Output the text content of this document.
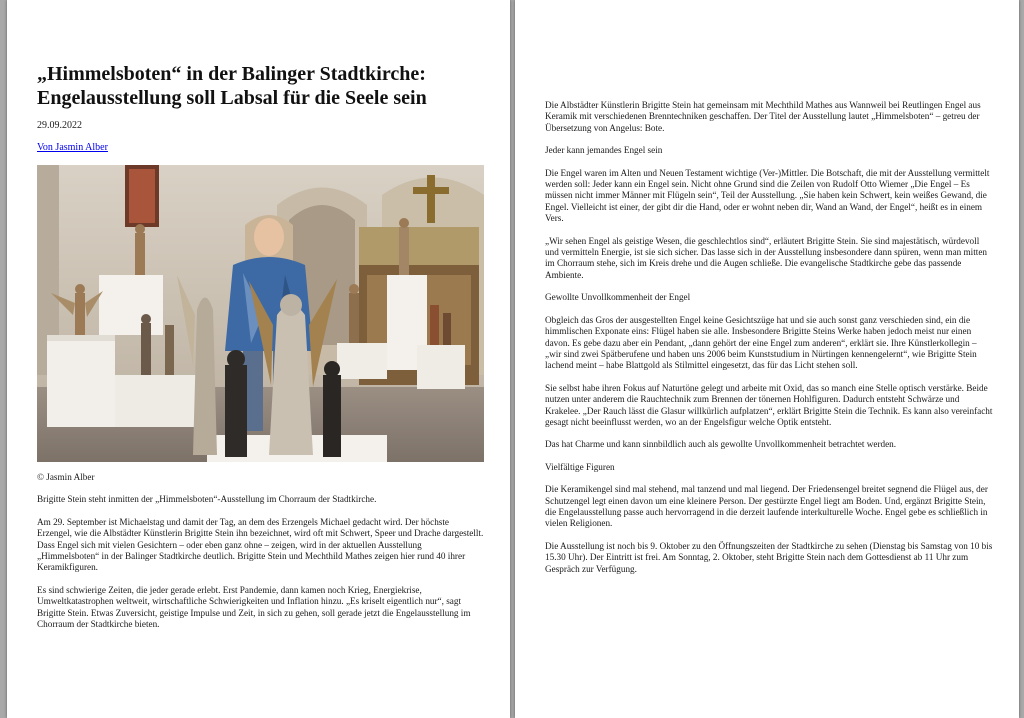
„Himmelsboten“ in der Balinger Stadtkirche: Engelausstellung soll Labsal für die Seele sein
29.09.2022
Von Jasmin Alber

© Jasmin Alber

Brigitte Stein steht inmitten der „Himmelsboten“-Ausstellung im Chorraum der Stadtkirche.

Am 29. September ist Michaelstag und damit der Tag, an dem des Erzengels Michael gedacht wird. Der höchste Erzengel, wie die Albstädter Künstlerin Brigitte Stein ihn bezeichnet, wird oft mit Schwert, Speer und Drache dargestellt. Dass Engel sich mit vielen Gesichtern – oder eben ganz ohne – zeigen, wird in der aktuellen Ausstellung „Himmelsboten“ in der Balinger Stadtkirche deutlich. Brigitte Stein und Mechthild Mathes zeigen hier rund 40 ihrer Keramikfiguren.

Es sind schwierige Zeiten, die jeder gerade erlebt. Erst Pandemie, dann kamen noch Krieg, Energiekrise, Umweltkatastrophen weltweit, wirtschaftliche Schwierigkeiten und Inflation hinzu. „Es kriselt eigentlich nur“, sagt Brigitte Stein. Etwas Zuversicht, geistige Impulse und Zeit, in sich zu gehen, soll gerade jetzt die Engelausstellung im Chorraum der Stadtkirche bieten.

Die Albstädter Künstlerin Brigitte Stein hat gemeinsam mit Mechthild Mathes aus Wannweil bei Reutlingen Engel aus Keramik mit verschiedenen Brenntechniken geschaffen. Der Titel der Ausstellung lautet „Himmelsboten“ – getreu der Übersetzung von Angelus: Bote.

Jeder kann jemandes Engel sein

Die Engel waren im Alten und Neuen Testament wichtige (Ver-)Mittler. Die Botschaft, die mit der Ausstellung vermittelt werden soll: Jeder kann ein Engel sein. Nicht ohne Grund sind die Zeilen von Rudolf Otto Wiemer „Die Engel – Es müssen nicht immer Männer mit Flügeln sein“, Teil der Ausstellung. „Sie haben kein Schwert, kein weißes Gewand, die Engel. Vielleicht ist einer, der gibt dir die Hand, oder er wohnt neben dir, Wand an Wand, der Engel“, heißt es in einem Vers.

„Wir sehen Engel als geistige Wesen, die geschlechtlos sind“, erläutert Brigitte Stein. Sie sind majestätisch, würdevoll und vermitteln Energie, ist sie sich sicher. Das lasse sich in der Ausstellung insbesondere dann spüren, wenn man mitten im Chorraum stehe, sich im Kreis drehe und die Augen schließe. Die evangelische Stadtkirche gebe das passende Ambiente.

Gewollte Unvollkommenheit der Engel

Obgleich das Gros der ausgestellten Engel keine Gesichtszüge hat und sie auch sonst ganz verschieden sind, ein die himmlischen Exponate eins: Flügel haben sie alle. Insbesondere Brigitte Steins Werke haben jedoch meist nur einen davon. Es gebe dazu aber ein Pendant, „dann gehört der eine Engel zum anderen“, erklärt sie. Ihre Künstlerkollegin – „wir sind zwei Spätberufene und haben uns 2006 beim Kunststudium in Nürtingen kennengelernt“, wie Brigitte Stein lachend meint – habe Blattgold als Stilmittel eingesetzt, das für das Licht stehen soll.

Sie selbst habe ihren Fokus auf Naturtöne gelegt und arbeite mit Oxid, das so manch eine Stelle optisch verstärke. Beide nutzen unter anderem die Rauchtechnik zum Brennen der tönernen Hohlfiguren. Dadurch entsteht Schwärze und Krakelee. „Der Rauch lässt die Glasur willkürlich aufplatzen“, erklärt Brigitte Stein die Technik. Es kann also vereinfacht gesagt nicht beeinflusst werden, wo an der Engelsfigur welche Optik entsteht.

Das hat Charme und kann sinnbildlich auch als gewollte Unvollkommenheit betrachtet werden.

Vielfältige Figuren

Die Keramikengel sind mal stehend, mal tanzend und mal liegend. Der Friedensengel breitet segnend die Flügel aus, der Schutzengel legt einen davon um eine kleinere Person. Der gestürzte Engel liegt am Boden. Und, ergänzt Brigitte Stein, die Engelausstellung passe auch hervorragend in die derzeit laufende interkulturelle Woche. Engel gebe es schließlich in vielen Religionen.

Die Ausstellung ist noch bis 9. Oktober zu den Öffnungszeiten der Stadtkirche zu sehen (Dienstag bis Samstag von 10 bis 15.30 Uhr). Der Eintritt ist frei. Am Sonntag, 2. Oktober, steht Brigitte Stein nach dem Gottesdienst ab 11 Uhr zum Gespräch zur Verfügung.
